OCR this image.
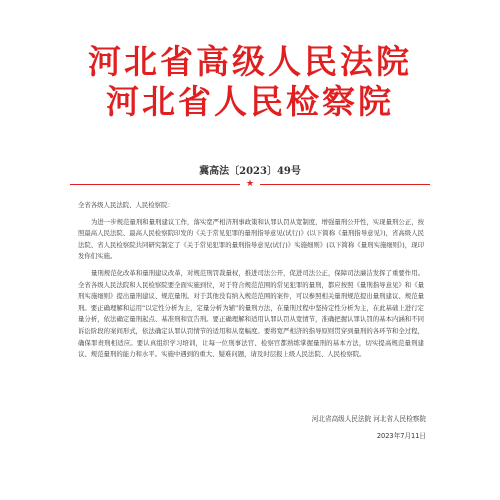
河北省高级人民法院
河北省人民检察院
冀高法〔2023〕49号
★

全省各级人民法院、人民检察院：

为进一步规范量刑和量刑建议工作，落实宽严相济刑事政策和认罪认罚从宽制度，增强量刑公开性，实现量刑公正，按照最高人民法院、最高人民检察院印发的《关于常见犯罪的量刑指导意见(试行)》(以下简称《量刑指导意见》)，省高级人民法院、省人民检察院共同研究制定了《关于常见犯罪的量刑指导意见(试行)》实施细则》(以下简称《量刑实施细则》)，现印发你们实施。

量刑规范化改革和量刑建议改革，对规范刑罚裁量权，推进司法公开，促进司法公正，保障司法廉洁发挥了重要作用。全省各级人民法院和人民检察院要全面实施到位，对于符合规范范围的常见犯罪的量刑，都应按照《量刑指导意见》和《量刑实施细则》提出量刑建议、规范量刑。对于其他没有纳入规范范围的案件，可以参照相关量刑规范提出量刑建议、规范量刑。要正确理解和运用“以定性分析为主，定量分析为辅”的量刑方法，在量刑过程中坚持定性分析为主，在此基础上进行定量分析，依法确定量刑起点、基准刑和宣告刑。要正确理解和适用认罪认罚从宽情节，准确把握认罪认罚的基本内涵和不同诉讼阶段的案间形式，依法确定认罪认罚情节的适用和从宽幅度。要将宽严相济的指导原则贯穿到量刑的各环节和全过程，确保罪责刑相适应。要认真组织学习培训，让每一位刑事法官、检察官都熟练掌握量刑的基本方法，切实提高规范量刑建议、规范量刑的能力和水平。实施中遇到的重大、疑难问题，请及时层报上级人民法院、人民检察院。

河北省高级人民法院 河北省人民检察院
2023年7月11日
